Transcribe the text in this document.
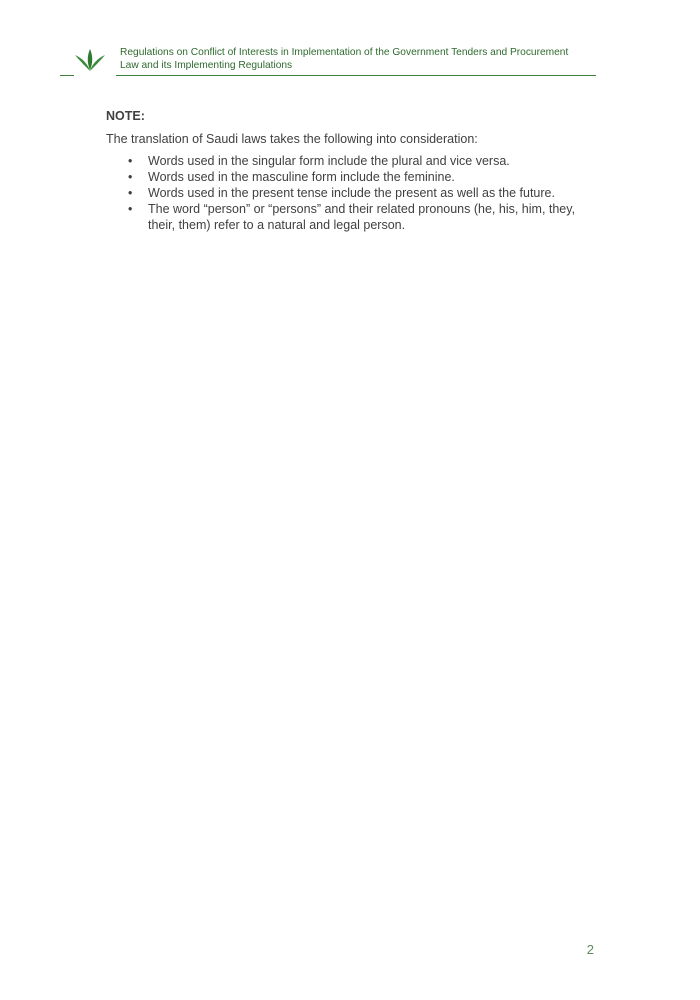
Regulations on Conflict of Interests in Implementation of the Government Tenders and Procurement
Law and its Implementing Regulations

NOTE:

The translation of Saudi laws takes the following into consideration:

• Words used in the singular form include the plural and vice versa.
• Words used in the masculine form include the feminine.
• Words used in the present tense include the present as well as the future.
• The word “person” or “persons” and their related pronouns (he, his, him, they, their, them) refer to a natural and legal person.
2
